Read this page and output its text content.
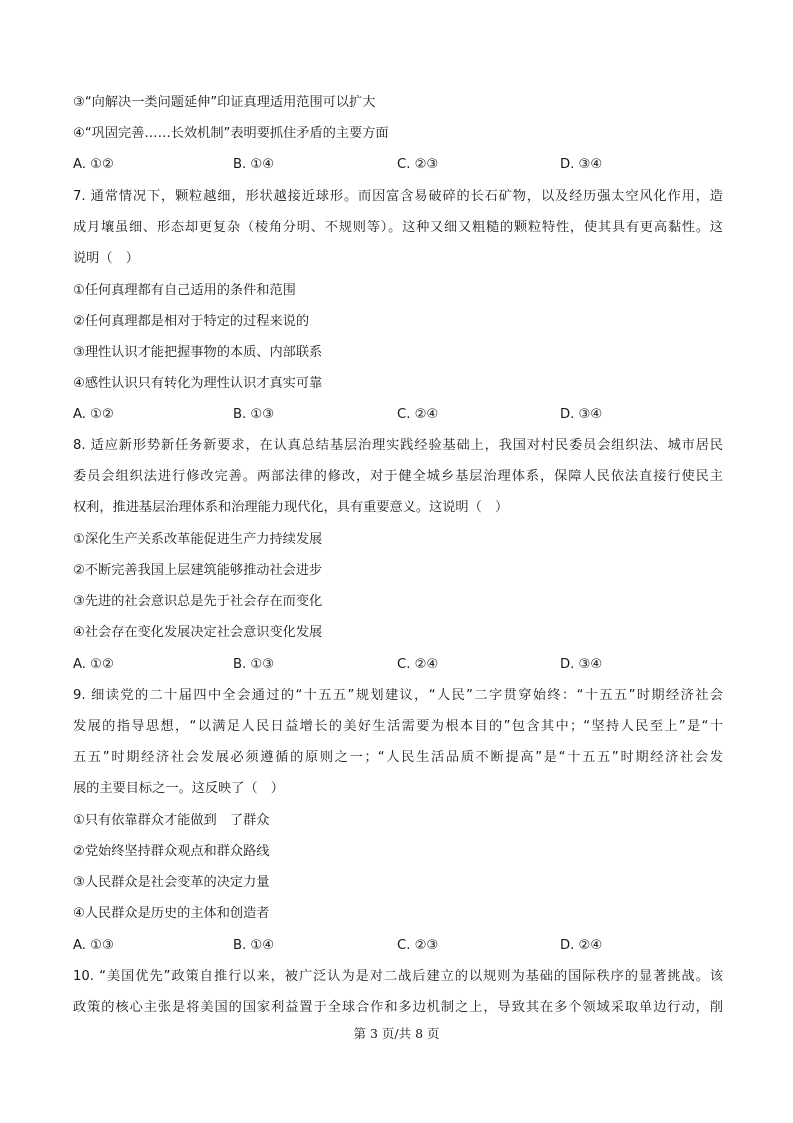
③“向解决一类问题延伸”印证真理适用范围可以扩大
④“巩固完善……长效机制”表明要抓住矛盾的主要方面
A. ①②	B. ①④	C. ②③	D. ③④
7. 通常情况下，颗粒越细，形状越接近球形。而因富含易破碎的长石矿物，以及经历强太空风化作用，造
成月壤虽细、形态却更复杂（棱角分明、不规则等）。这种又细又粗糙的颗粒特性，使其具有更高黏性。这
说明（　）
①任何真理都有自己适用的条件和范围
②任何真理都是相对于特定的过程来说的
③理性认识才能把握事物的本质、内部联系
④感性认识只有转化为理性认识才真实可靠
A. ①②	B. ①③	C. ②④	D. ③④
8. 适应新形势新任务新要求，在认真总结基层治理实践经验基础上，我国对村民委员会组织法、城市居民
委员会组织法进行修改完善。两部法律的修改，对于健全城乡基层治理体系，保障人民依法直接行使民主
权利，推进基层治理体系和治理能力现代化，具有重要意义。这说明（　）
①深化生产关系改革能促进生产力持续发展
②不断完善我国上层建筑能够推动社会进步
③先进的社会意识总是先于社会存在而变化
④社会存在变化发展决定社会意识变化发展
A. ①②	B. ①③	C. ②④	D. ③④
9. 细读党的二十届四中全会通过的“十五五”规划建议，“人民”二字贯穿始终：“十五五”时期经济社会
发展的指导思想，“以满足人民日益增长的美好生活需要为根本目的”包含其中；“坚持人民至上”是“十
五五”时期经济社会发展必须遵循的原则之一；“人民生活品质不断提高”是“十五五”时期经济社会发
展的主要目标之一。这反映了（　）
①只有依靠群众才能做到　了群众
②党始终坚持群众观点和群众路线
③人民群众是社会变革的决定力量
④人民群众是历史的主体和创造者
A. ①③	B. ①④	C. ②③	D. ②④
10. “美国优先”政策自推行以来，被广泛认为是对二战后建立的以规则为基础的国际秩序的显著挑战。该
政策的核心主张是将美国的国家利益置于全球合作和多边机制之上，导致其在多个领域采取单边行动，削
第 3 页/共 8 页
